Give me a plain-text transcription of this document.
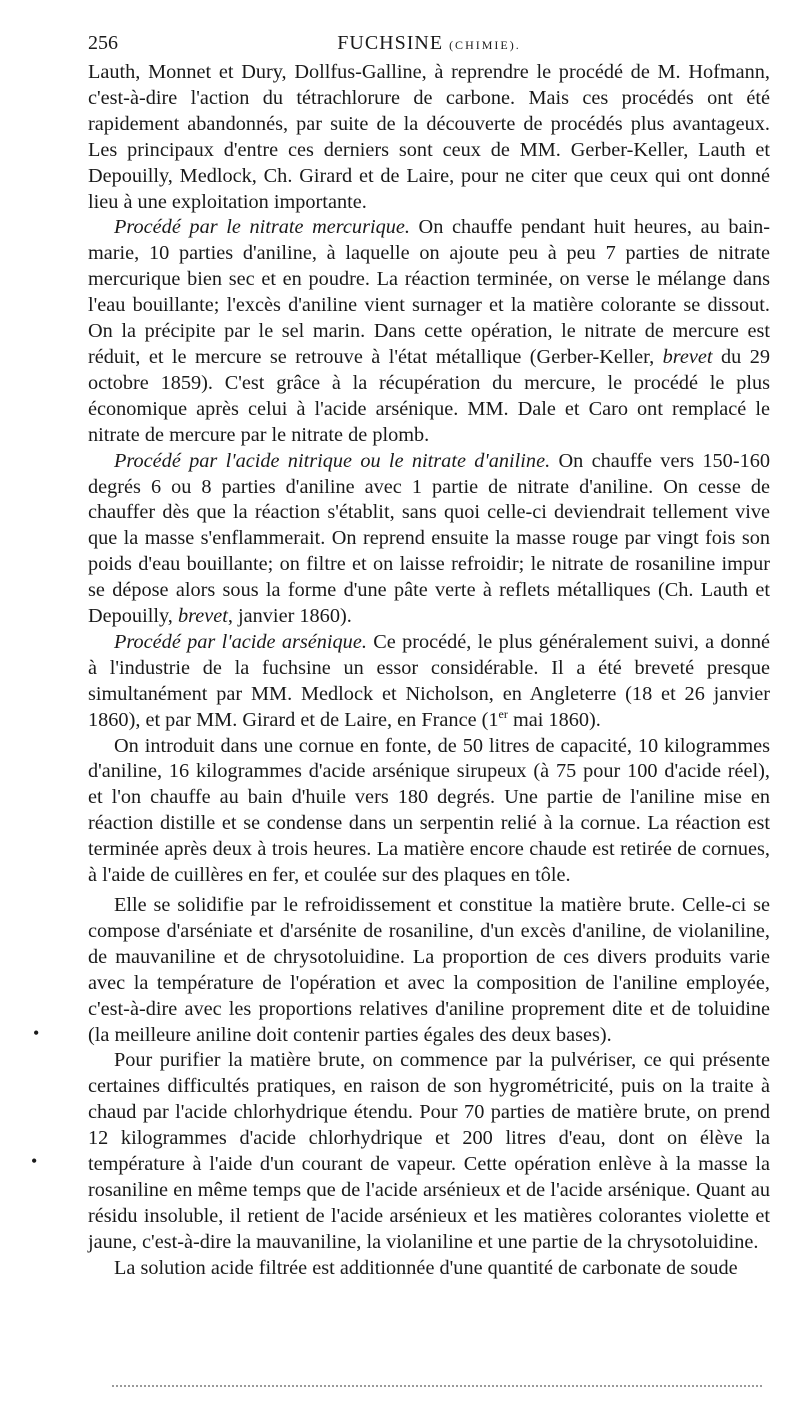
256	FUCHSINE (CHIMIE).

Lauth, Monnet et Dury, Dollfus-Galline, à reprendre le procédé de M. Hofmann, c'est-à-dire l'action du tétrachlorure de carbone. Mais ces procédés ont été rapidement abandonnés, par suite de la découverte de procédés plus avantageux. Les principaux d'entre ces derniers sont ceux de MM. Gerber-Keller, Lauth et Depouilly, Medlock, Ch. Girard et de Laire, pour ne citer que ceux qui ont donné lieu à une exploitation importante.

Procédé par le nitrate mercurique. On chauffe pendant huit heures, au bain-marie, 10 parties d'aniline, à laquelle on ajoute peu à peu 7 parties de nitrate mercurique bien sec et en poudre. La réaction terminée, on verse le mélange dans l'eau bouillante; l'excès d'aniline vient surnager et la matière colorante se dissout. On la précipite par le sel marin. Dans cette opération, le nitrate de mercure est réduit, et le mercure se retrouve à l'état métallique (Gerber-Keller, brevet du 29 octobre 1859). C'est grâce à la récupération du mercure, le procédé le plus économique après celui à l'acide arsénique. MM. Dale et Caro ont remplacé le nitrate de mercure par le nitrate de plomb.

Procédé par l'acide nitrique ou le nitrate d'aniline. On chauffe vers 150-160 degrés 6 ou 8 parties d'aniline avec 1 partie de nitrate d'aniline. On cesse de chauffer dès que la réaction s'établit, sans quoi celle-ci deviendrait tellement vive que la masse s'enflammerait. On reprend ensuite la masse rouge par vingt fois son poids d'eau bouillante; on filtre et on laisse refroidir; le nitrate de rosaniline impur se dépose alors sous la forme d'une pâte verte à reflets métalliques (Ch. Lauth et Depouilly, brevet, janvier 1860).

Procédé par l'acide arsénique. Ce procédé, le plus généralement suivi, a donné à l'industrie de la fuchsine un essor considérable. Il a été breveté presque simultanément par MM. Medlock et Nicholson, en Angleterre (18 et 26 janvier 1860), et par MM. Girard et de Laire, en France (1er mai 1860).

On introduit dans une cornue en fonte, de 50 litres de capacité, 10 kilogrammes d'aniline, 16 kilogrammes d'acide arsénique sirupeux (à 75 pour 100 d'acide réel), et l'on chauffe au bain d'huile vers 180 degrés. Une partie de l'aniline mise en réaction distille et se condense dans un serpentin relié à la cornue. La réaction est terminée après deux à trois heures. La matière encore chaude est retirée de cornues, à l'aide de cuillères en fer, et coulée sur des plaques en tôle.

Elle se solidifie par le refroidissement et constitue la matière brute. Celle-ci se compose d'arséniate et d'arsénite de rosaniline, d'un excès d'aniline, de violaniline, de mauvaniline et de chrysotoluidine. La proportion de ces divers produits varie avec la température de l'opération et avec la composition de l'aniline employée, c'est-à-dire avec les proportions relatives d'aniline proprement dite et de toluidine (la meilleure aniline doit contenir parties égales des deux bases).

Pour purifier la matière brute, on commence par la pulvériser, ce qui présente certaines difficultés pratiques, en raison de son hygrométricité, puis on la traite à chaud par l'acide chlorhydrique étendu. Pour 70 parties de matière brute, on prend 12 kilogrammes d'acide chlorhydrique et 200 litres d'eau, dont on élève la température à l'aide d'un courant de vapeur. Cette opération enlève à la masse la rosaniline en même temps que de l'acide arsénieux et de l'acide arsénique. Quant au résidu insoluble, il retient de l'acide arsénieux et les matières colorantes violette et jaune, c'est-à-dire la mauvaniline, la violaniline et une partie de la chrysotoluidine.

La solution acide filtrée est additionnée d'une quantité de carbonate de soude

•
•
